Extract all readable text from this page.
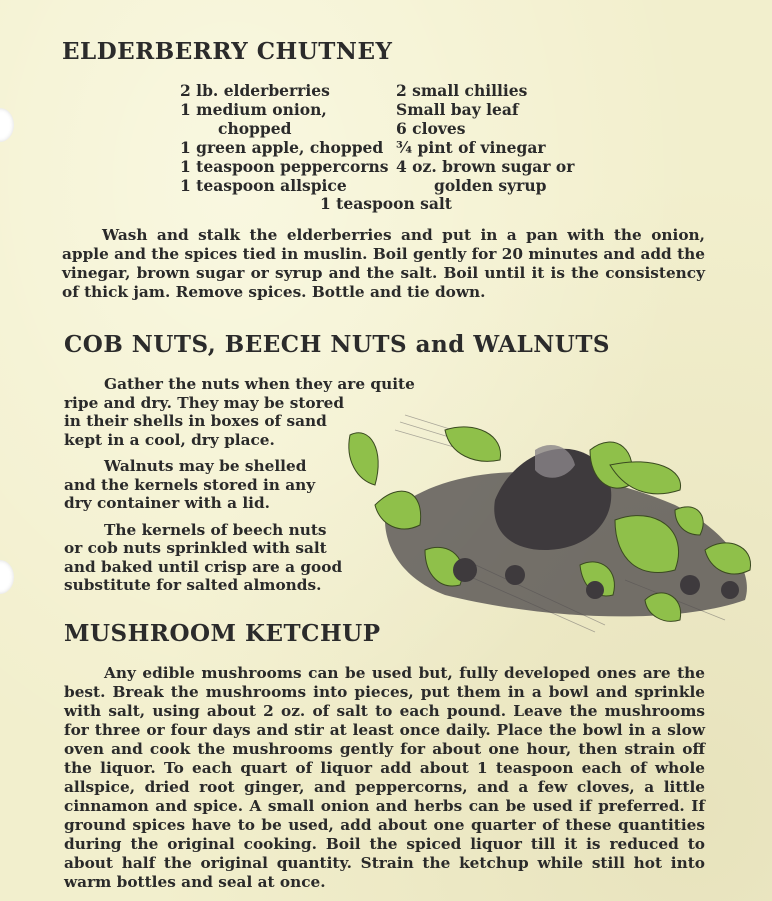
ELDERBERRY CHUTNEY
2 lb. elderberries
1 medium onion,
chopped
1 green apple, chopped
1 teaspoon peppercorns
1 teaspoon allspice
2 small chillies
Small bay leaf
6 cloves
¾ pint of vinegar
4 oz. brown sugar or
golden syrup
1 teaspoon salt

Wash and stalk the elderberries and put in a pan with the onion, apple and the spices tied in muslin. Boil gently for 20 minutes and add the vinegar, brown sugar or syrup and the salt. Boil until it is the consistency of thick jam. Remove spices. Bottle and tie down.

COB NUTS, BEECH NUTS and WALNUTS
Gather the nuts when they are quite
ripe and dry. They may be stored
in their shells in boxes of sand
kept in a cool, dry place.
Walnuts may be shelled
and the kernels stored in any
dry container with a lid.
The kernels of beech nuts
or cob nuts sprinkled with salt
and baked until crisp are a good
substitute for salted almonds.
MUSHROOM KETCHUP

Any edible mushrooms can be used but, fully developed ones are the best. Break the mushrooms into pieces, put them in a bowl and sprinkle with salt, using about 2 oz. of salt to each pound. Leave the mushrooms for three or four days and stir at least once daily. Place the bowl in a slow oven and cook the mushrooms gently for about one hour, then strain off the liquor. To each quart of liquor add about 1 teaspoon each of whole allspice, dried root ginger, and peppercorns, and a few cloves, a little cinnamon and spice. A small onion and herbs can be used if preferred. If ground spices have to be used, add about one quarter of these quantities during the original cooking. Boil the spiced liquor till it is reduced to about half the original quantity. Strain the ketchup while still hot into warm bottles and seal at once.
